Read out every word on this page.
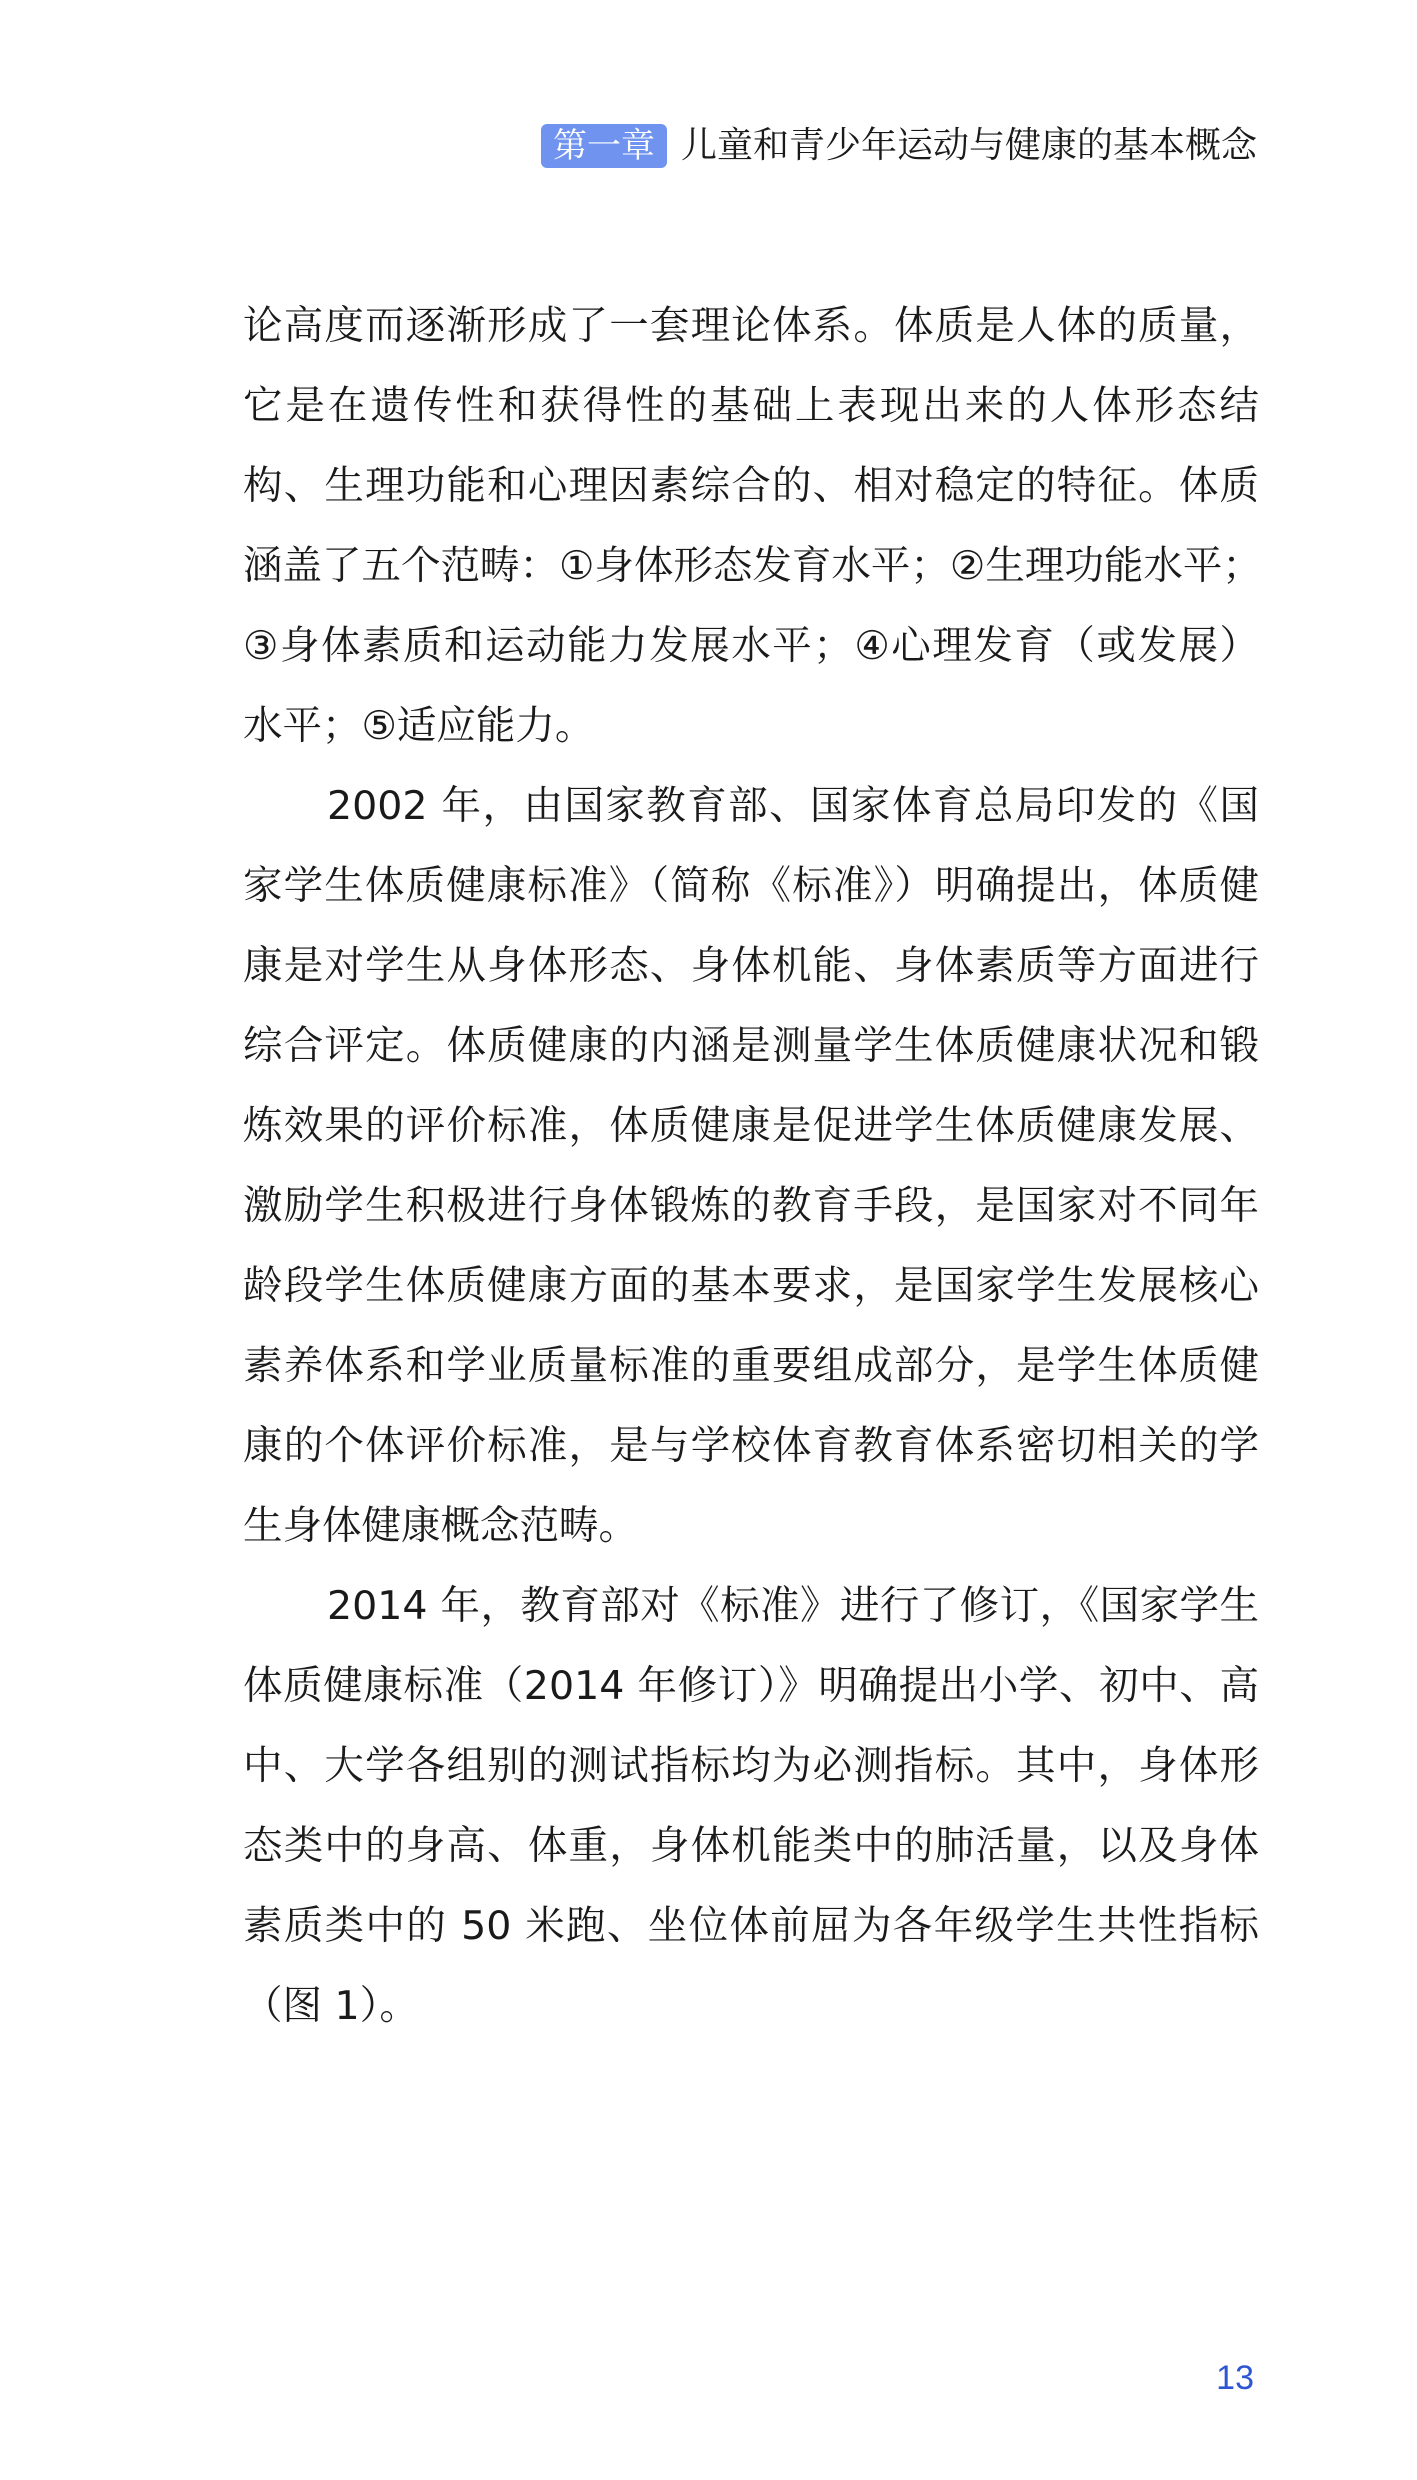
第一章 儿童和青少年运动与健康的基本概念
论高度而逐渐形成了一套理论体系。体质是人体的质量，
它是在遗传性和获得性的基础上表现出来的人体形态结
构、生理功能和心理因素综合的、相对稳定的特征。体质
涵盖了五个范畴：①身体形态发育水平；②生理功能水平；
③身体素质和运动能力发展水平；④心理发育（或发展）
水平；⑤适应能力。
2002 年，由国家教育部、国家体育总局印发的《国
家学生体质健康标准》（简称《标准》）明确提出，体质健
康是对学生从身体形态、身体机能、身体素质等方面进行
综合评定。体质健康的内涵是测量学生体质健康状况和锻
炼效果的评价标准，体质健康是促进学生体质健康发展、
激励学生积极进行身体锻炼的教育手段，是国家对不同年
龄段学生体质健康方面的基本要求，是国家学生发展核心
素养体系和学业质量标准的重要组成部分，是学生体质健
康的个体评价标准，是与学校体育教育体系密切相关的学
生身体健康概念范畴。
2014 年，教育部对《标准》进行了修订，《国家学生
体质健康标准（2014 年修订）》明确提出小学、初中、高
中、大学各组别的测试指标均为必测指标。其中，身体形
态类中的身高、体重，身体机能类中的肺活量，以及身体
素质类中的 50 米跑、坐位体前屈为各年级学生共性指标
（图 1）。
13
